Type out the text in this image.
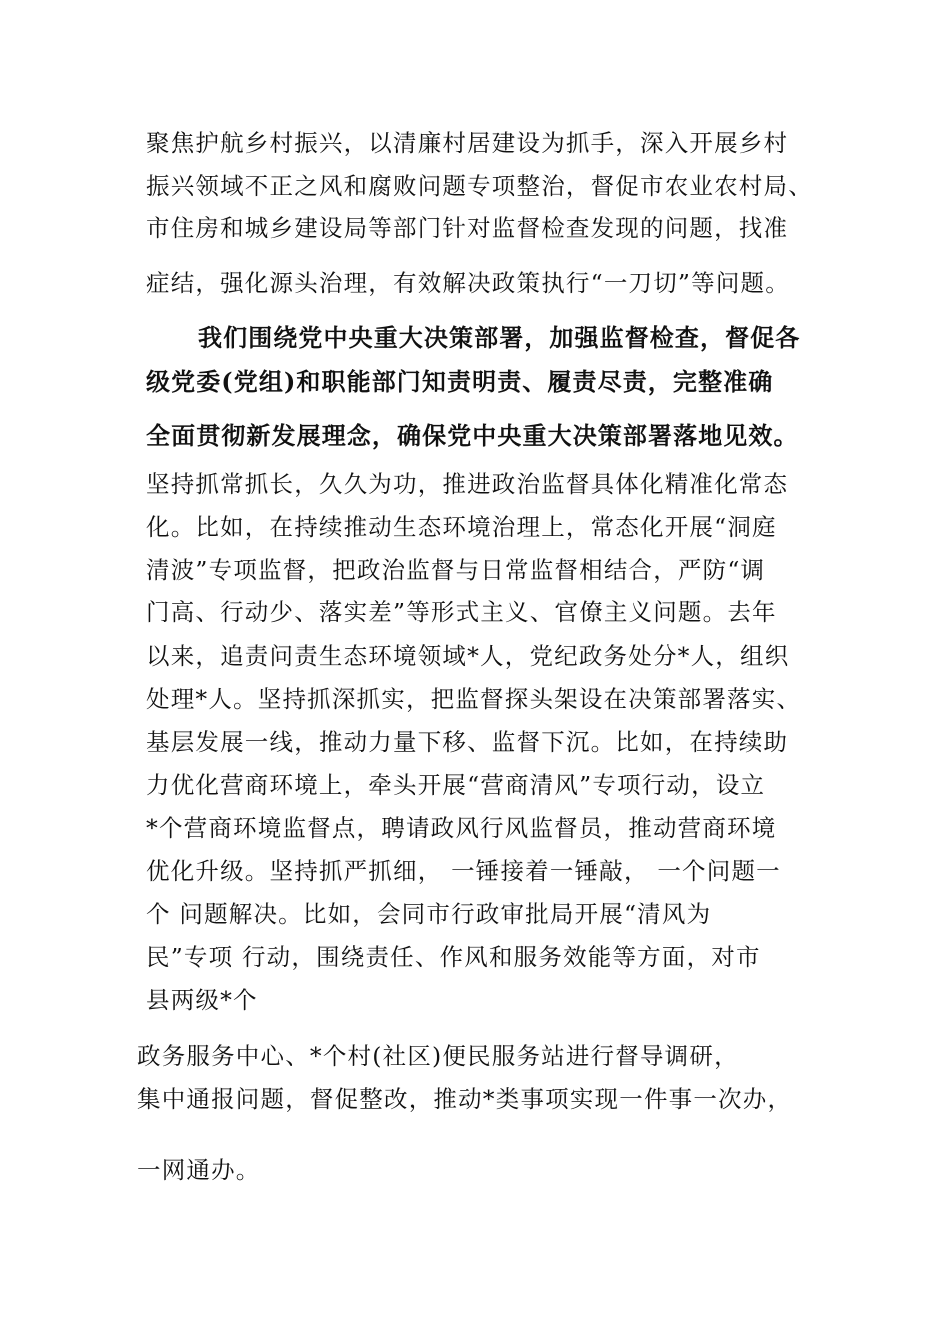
聚焦护航乡村振兴，以清廉村居建设为抓手，深入开展乡村
振兴领域不正之风和腐败问题专项整治，督促市农业农村局、
市住房和城乡建设局等部门针对监督检查发现的问题，找准
症结，强化源头治理，有效解决政策执行“一刀切”等问题。
我们围绕党中央重大决策部署，加强监督检查，督促各
级党委(党组)和职能部门知责明责、履责尽责，完整准确
全面贯彻新发展理念，确保党中央重大决策部署落地见效。
坚持抓常抓长，久久为功，推进政治监督具体化精准化常态
化。比如，在持续推动生态环境治理上，常态化开展“洞庭
清波”专项监督，把政治监督与日常监督相结合，严防“调
门高、行动少、落实差”等形式主义、官僚主义问题。去年
以来，追责问责生态环境领域*人，党纪政务处分*人，组织
处理*人。坚持抓深抓实，把监督探头架设在决策部署落实、
基层发展一线，推动力量下移、监督下沉。比如，在持续助
力优化营商环境上，牵头开展“营商清风”专项行动，设立
*个营商环境监督点，聘请政风行风监督员，推动营商环境
优化升级。坚持抓严抓细， 一锤接着一锤敲， 一个问题一
个 问题解决。比如，会同市行政审批局开展“清风为
民”专项 行动，围绕责任、作风和服务效能等方面，对市
县两级*个
政务服务中心、*个村(社区)便民服务站进行督导调研，
集中通报问题，督促整改，推动*类事项实现一件事一次办，
一网通办。
